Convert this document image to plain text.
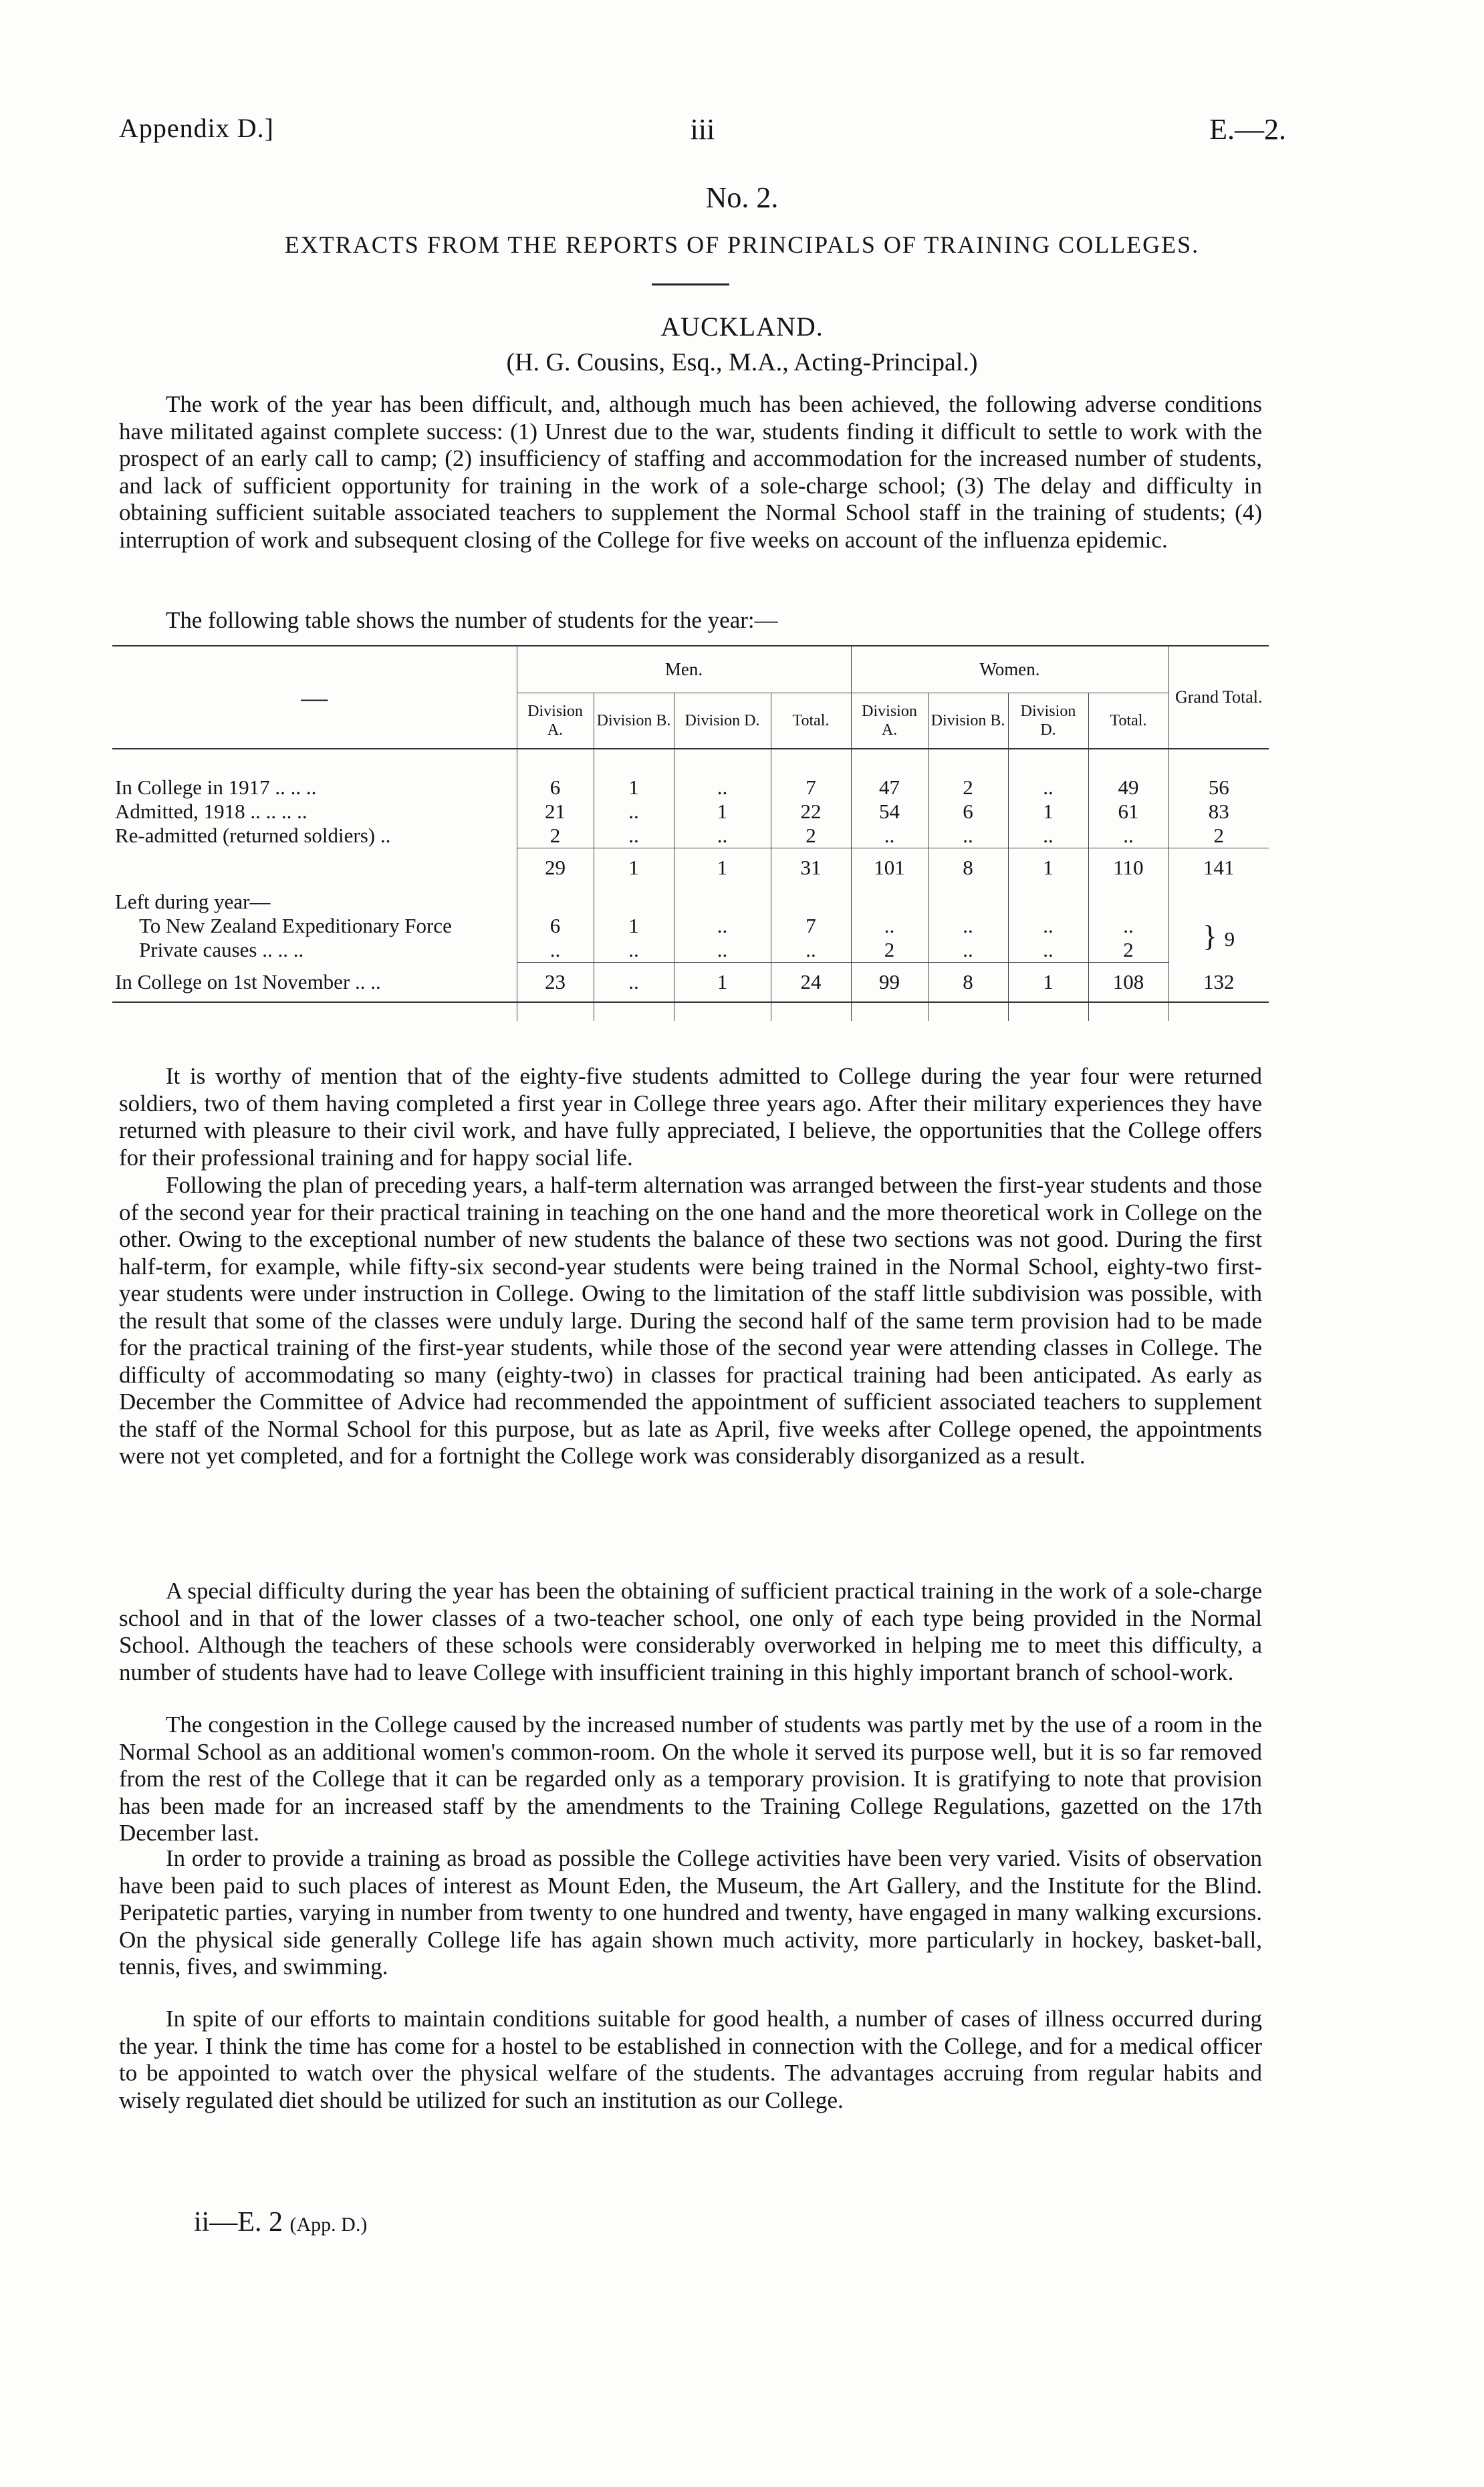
Appendix D.]	iii	E.—2.
No. 2.
EXTRACTS FROM THE REPORTS OF PRINCIPALS OF TRAINING COLLEGES.
AUCKLAND.
(H. G. Cousins, Esq., M.A., Acting-Principal.)

The work of the year has been difficult, and, although much has been achieved, the following adverse conditions have militated against complete success: (1) Unrest due to the war, students finding it difficult to settle to work with the prospect of an early call to camp; (2) insufficiency of staffing and accommodation for the increased number of students, and lack of sufficient opportunity for training in the work of a sole-charge school; (3) The delay and difficulty in obtaining sufficient suitable associated teachers to supplement the Normal School staff in the training of students; (4) interruption of work and subsequent closing of the College for five weeks on account of the influenza epidemic.

The following table shows the number of students for the year:—

—	Men.				Women.				Grand Total.
	Division A.	Division B.	Division D.	Total.	Division A.	Division B.	Division D.	Total.	

In College in 1917 .. .. ..	6	1	..	7	47	2	..	49	56
Admitted, 1918 .. .. .. ..	21	..	1	22	54	6	1	61	83
Re-admitted (returned soldiers) ..	2	..	..	2	..	..	..	..	2
	29	1	1	31	101	8	1	110	141
Left during year—									
To New Zealand Expeditionary Force	6	1	..	7	..	..	..	..	} 9
Private causes .. .. ..	..	..	..	..	2	..	..	2	
In College on 1st November .. ..	23	..	1	24	99	8	1	108	132

It is worthy of mention that of the eighty-five students admitted to College during the year four were returned soldiers, two of them having completed a first year in College three years ago. After their military experiences they have returned with pleasure to their civil work, and have fully appreciated, I believe, the opportunities that the College offers for their professional training and for happy social life.

Following the plan of preceding years, a half-term alternation was arranged between the first-year students and those of the second year for their practical training in teaching on the one hand and the more theoretical work in College on the other. Owing to the exceptional number of new students the balance of these two sections was not good. During the first half-term, for example, while fifty-six second-year students were being trained in the Normal School, eighty-two first-year students were under instruction in College. Owing to the limitation of the staff little subdivision was possible, with the result that some of the classes were unduly large. During the second half of the same term provision had to be made for the practical training of the first-year students, while those of the second year were attending classes in College. The difficulty of accommodating so many (eighty-two) in classes for practical training had been anticipated. As early as December the Committee of Advice had recommended the appointment of sufficient associated teachers to supplement the staff of the Normal School for this purpose, but as late as April, five weeks after College opened, the appointments were not yet completed, and for a fortnight the College work was considerably disorganized as a result.

A special difficulty during the year has been the obtaining of sufficient practical training in the work of a sole-charge school and in that of the lower classes of a two-teacher school, one only of each type being provided in the Normal School. Although the teachers of these schools were considerably overworked in helping me to meet this difficulty, a number of students have had to leave College with insufficient training in this highly important branch of school-work.

The congestion in the College caused by the increased number of students was partly met by the use of a room in the Normal School as an additional women's common-room. On the whole it served its purpose well, but it is so far removed from the rest of the College that it can be regarded only as a temporary provision. It is gratifying to note that provision has been made for an increased staff by the amendments to the Training College Regulations, gazetted on the 17th December last.

In order to provide a training as broad as possible the College activities have been very varied. Visits of observation have been paid to such places of interest as Mount Eden, the Museum, the Art Gallery, and the Institute for the Blind. Peripatetic parties, varying in number from twenty to one hundred and twenty, have engaged in many walking excursions. On the physical side generally College life has again shown much activity, more particularly in hockey, basket-ball, tennis, fives, and swimming.

In spite of our efforts to maintain conditions suitable for good health, a number of cases of illness occurred during the year. I think the time has come for a hostel to be established in connection with the College, and for a medical officer to be appointed to watch over the physical welfare of the students. The advantages accruing from regular habits and wisely regulated diet should be utilized for such an institution as our College.

ii—E. 2 (App. D.)
